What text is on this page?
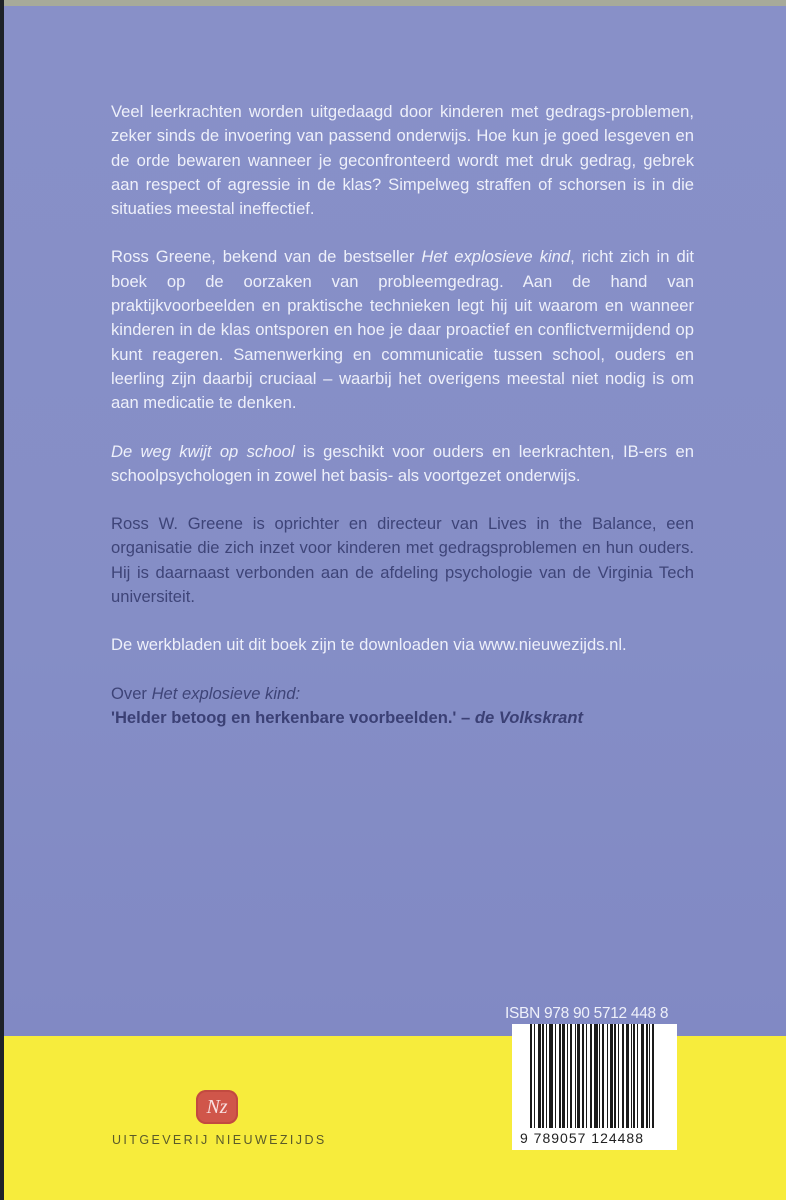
Veel leerkrachten worden uitgedaagd door kinderen met gedrags-problemen, zeker sinds de invoering van passend onderwijs. Hoe kun je goed lesgeven en de orde bewaren wanneer je geconfronteerd wordt met druk gedrag, gebrek aan respect of agressie in de klas? Simpelweg straffen of schorsen is in die situaties meestal ineffectief.

Ross Greene, bekend van de bestseller Het explosieve kind, richt zich in dit boek op de oorzaken van probleemgedrag. Aan de hand van praktijkvoorbeelden en praktische technieken legt hij uit waarom en wanneer kinderen in de klas ontsporen en hoe je daar proactief en conflictvermijdend op kunt reageren. Samenwerking en communicatie tussen school, ouders en leerling zijn daarbij cruciaal – waarbij het overigens meestal niet nodig is om aan medicatie te denken.

De weg kwijt op school is geschikt voor ouders en leerkrachten, IB-ers en schoolpsychologen in zowel het basis- als voortgezet onderwijs.

Ross W. Greene is oprichter en directeur van Lives in the Balance, een organisatie die zich inzet voor kinderen met gedragsproblemen en hun ouders. Hij is daarnaast verbonden aan de afdeling psychologie van de Virginia Tech universiteit.

De werkbladen uit dit boek zijn te downloaden via www.nieuwezijds.nl.

Over Het explosieve kind:

'Helder betoog en herkenbare voorbeelden.' – de Volkskrant

ISBN 978 90 5712 448 8
9 789057 124488
Nz
UITGEVERIJ NIEUWEZIJDS
